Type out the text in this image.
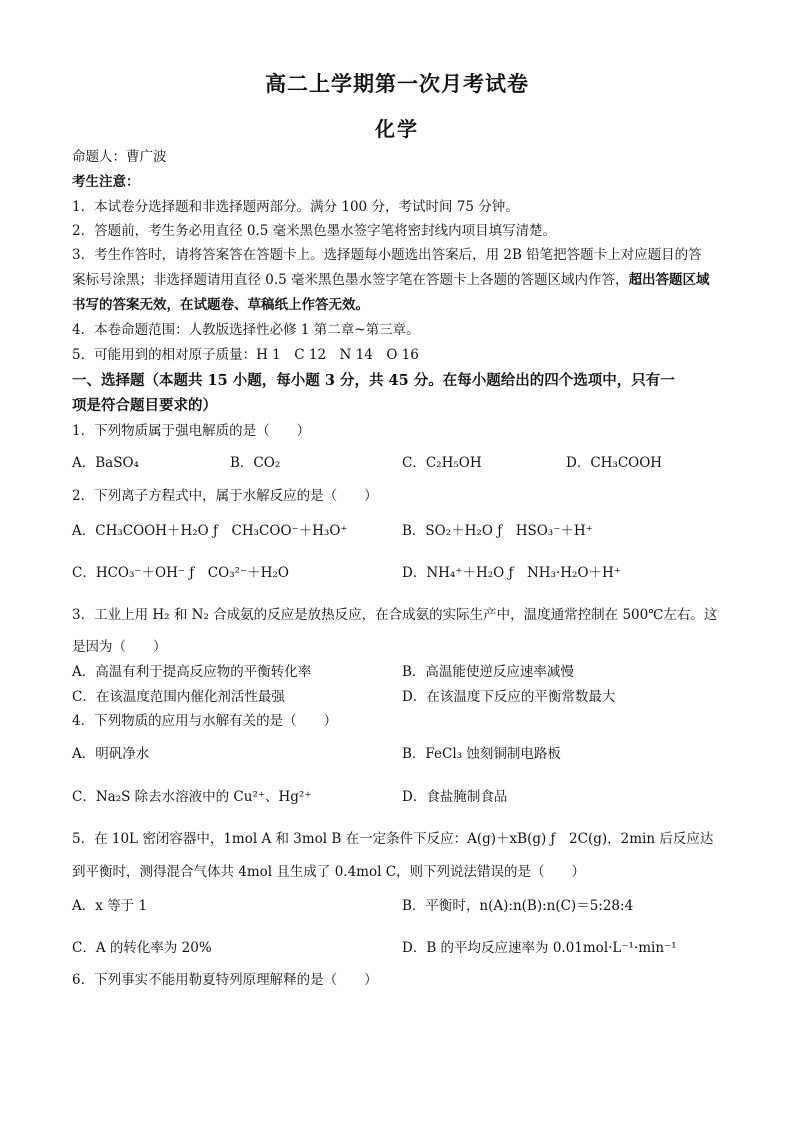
高二上学期第一次月考试卷
化学
命题人：曹广波
考生注意：
1．本试卷分选择题和非选择题两部分。满分 100 分，考试时间 75 分钟。
2．答题前，考生务必用直径 0.5 毫米黑色墨水签字笔将密封线内项目填写清楚。
3．考生作答时，请将答案答在答题卡上。选择题每小题选出答案后，用 2B 铅笔把答题卡上对应题目的答
案标号涂黑；非选择题请用直径 0.5 毫米黑色墨水签字笔在答题卡上各题的答题区域内作答，超出答题区域
书写的答案无效，在试题卷、草稿纸上作答无效。
4．本卷命题范围：人教版选择性必修 1 第二章~第三章。
5．可能用到的相对原子质量：H 1　C 12　N 14　O 16
一、选择题（本题共 15 小题，每小题 3 分，共 45 分。在每小题给出的四个选项中，只有一
项是符合题目要求的）
1．下列物质属于强电解质的是（　　）
A．BaSO₄	B．CO₂	C．C₂H₅OH	D．CH₃COOH
2．下列离子方程式中，属于水解反应的是（　　）
A．CH₃COOH＋H₂O ƒ　CH₃COO⁻＋H₃O⁺	B．SO₂＋H₂O ƒ　HSO₃⁻＋H⁺
C．HCO₃⁻＋OH⁻ ƒ　CO₃²⁻＋H₂O	D．NH₄⁺＋H₂O ƒ　NH₃·H₂O＋H⁺
3．工业上用 H₂ 和 N₂ 合成氨的反应是放热反应，在合成氨的实际生产中，温度通常控制在 500℃左右。这
是因为（　　）
A．高温有利于提高反应物的平衡转化率	B．高温能使逆反应速率减慢
C．在该温度范围内催化剂活性最强	D．在该温度下反应的平衡常数最大
4．下列物质的应用与水解有关的是（　　）
A．明矾净水	B．FeCl₃ 蚀刻铜制电路板
C．Na₂S 除去水溶液中的 Cu²⁺、Hg²⁺	D．食盐腌制食品
5．在 10L 密闭容器中，1mol A 和 3mol B 在一定条件下反应：A(g)＋xB(g) ƒ　2C(g)，2min 后反应达
到平衡时，测得混合气体共 4mol 且生成了 0.4mol C，则下列说法错误的是（　　）
A．x 等于 1	B．平衡时，n(A):n(B):n(C)＝5:28:4
C．A 的转化率为 20%	D．B 的平均反应速率为 0.01mol·L⁻¹·min⁻¹
6．下列事实不能用勒夏特列原理解释的是（　　）
